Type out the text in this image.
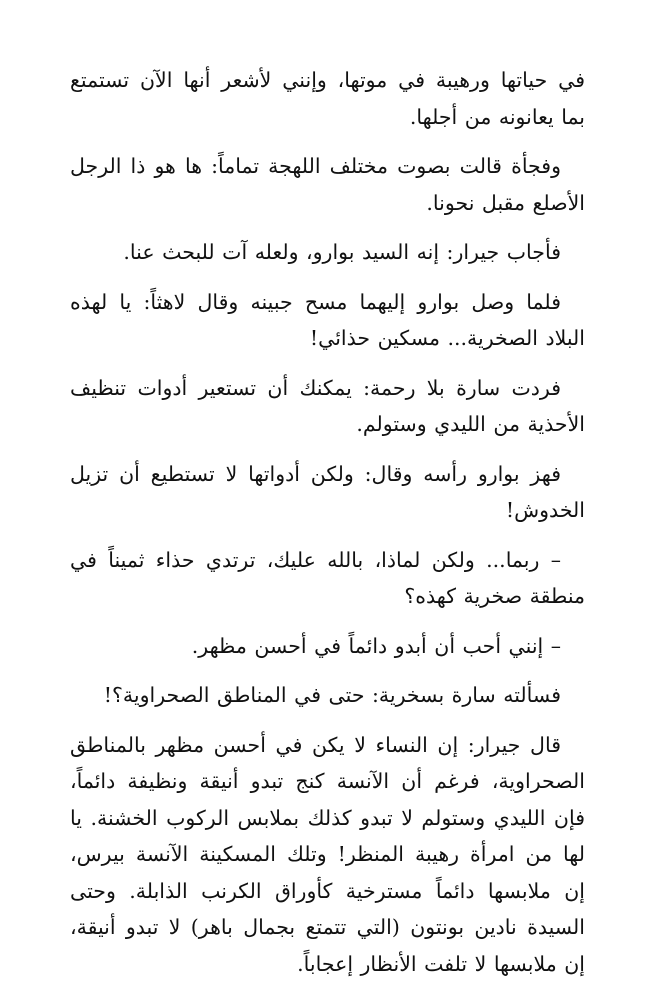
في حياتها ورهيبة في موتها، وإنني لأشعر أنها الآن تستمتع بما يعانونه من أجلها.

وفجأة قالت بصوت مختلف اللهجة تماماً: ها هو ذا الرجل الأصلع مقبل نحونا.

فأجاب جيرار: إنه السيد بوارو، ولعله آت للبحث عنا.

فلما وصل بوارو إليهما مسح جبينه وقال لاهثاً: يا لهذه البلاد الصخرية... مسكين حذائي!

فردت سارة بلا رحمة: يمكنك أن تستعير أدوات تنظيف الأحذية من الليدي وستولم.

فهز بوارو رأسه وقال: ولكن أدواتها لا تستطيع أن تزيل الخدوش!

– ربما... ولكن لماذا، بالله عليك، ترتدي حذاء ثميناً في منطقة صخرية كهذه؟

– إنني أحب أن أبدو دائماً في أحسن مظهر.

فسألته سارة بسخرية: حتى في المناطق الصحراوية؟!

قال جيرار: إن النساء لا يكن في أحسن مظهر بالمناطق الصحراوية، فرغم أن الآنسة كنج تبدو أنيقة ونظيفة دائماً، فإن الليدي وستولم لا تبدو كذلك بملابس الركوب الخشنة. يا لها من امرأة رهيبة المنظر! وتلك المسكينة الآنسة بيرس، إن ملابسها دائماً مسترخية كأوراق الكرنب الذابلة. وحتى السيدة نادين بونتون (التي تتمتع بجمال باهر) لا تبدو أنيقة، إن ملابسها لا تلفت الأنظار إعجاباً.
